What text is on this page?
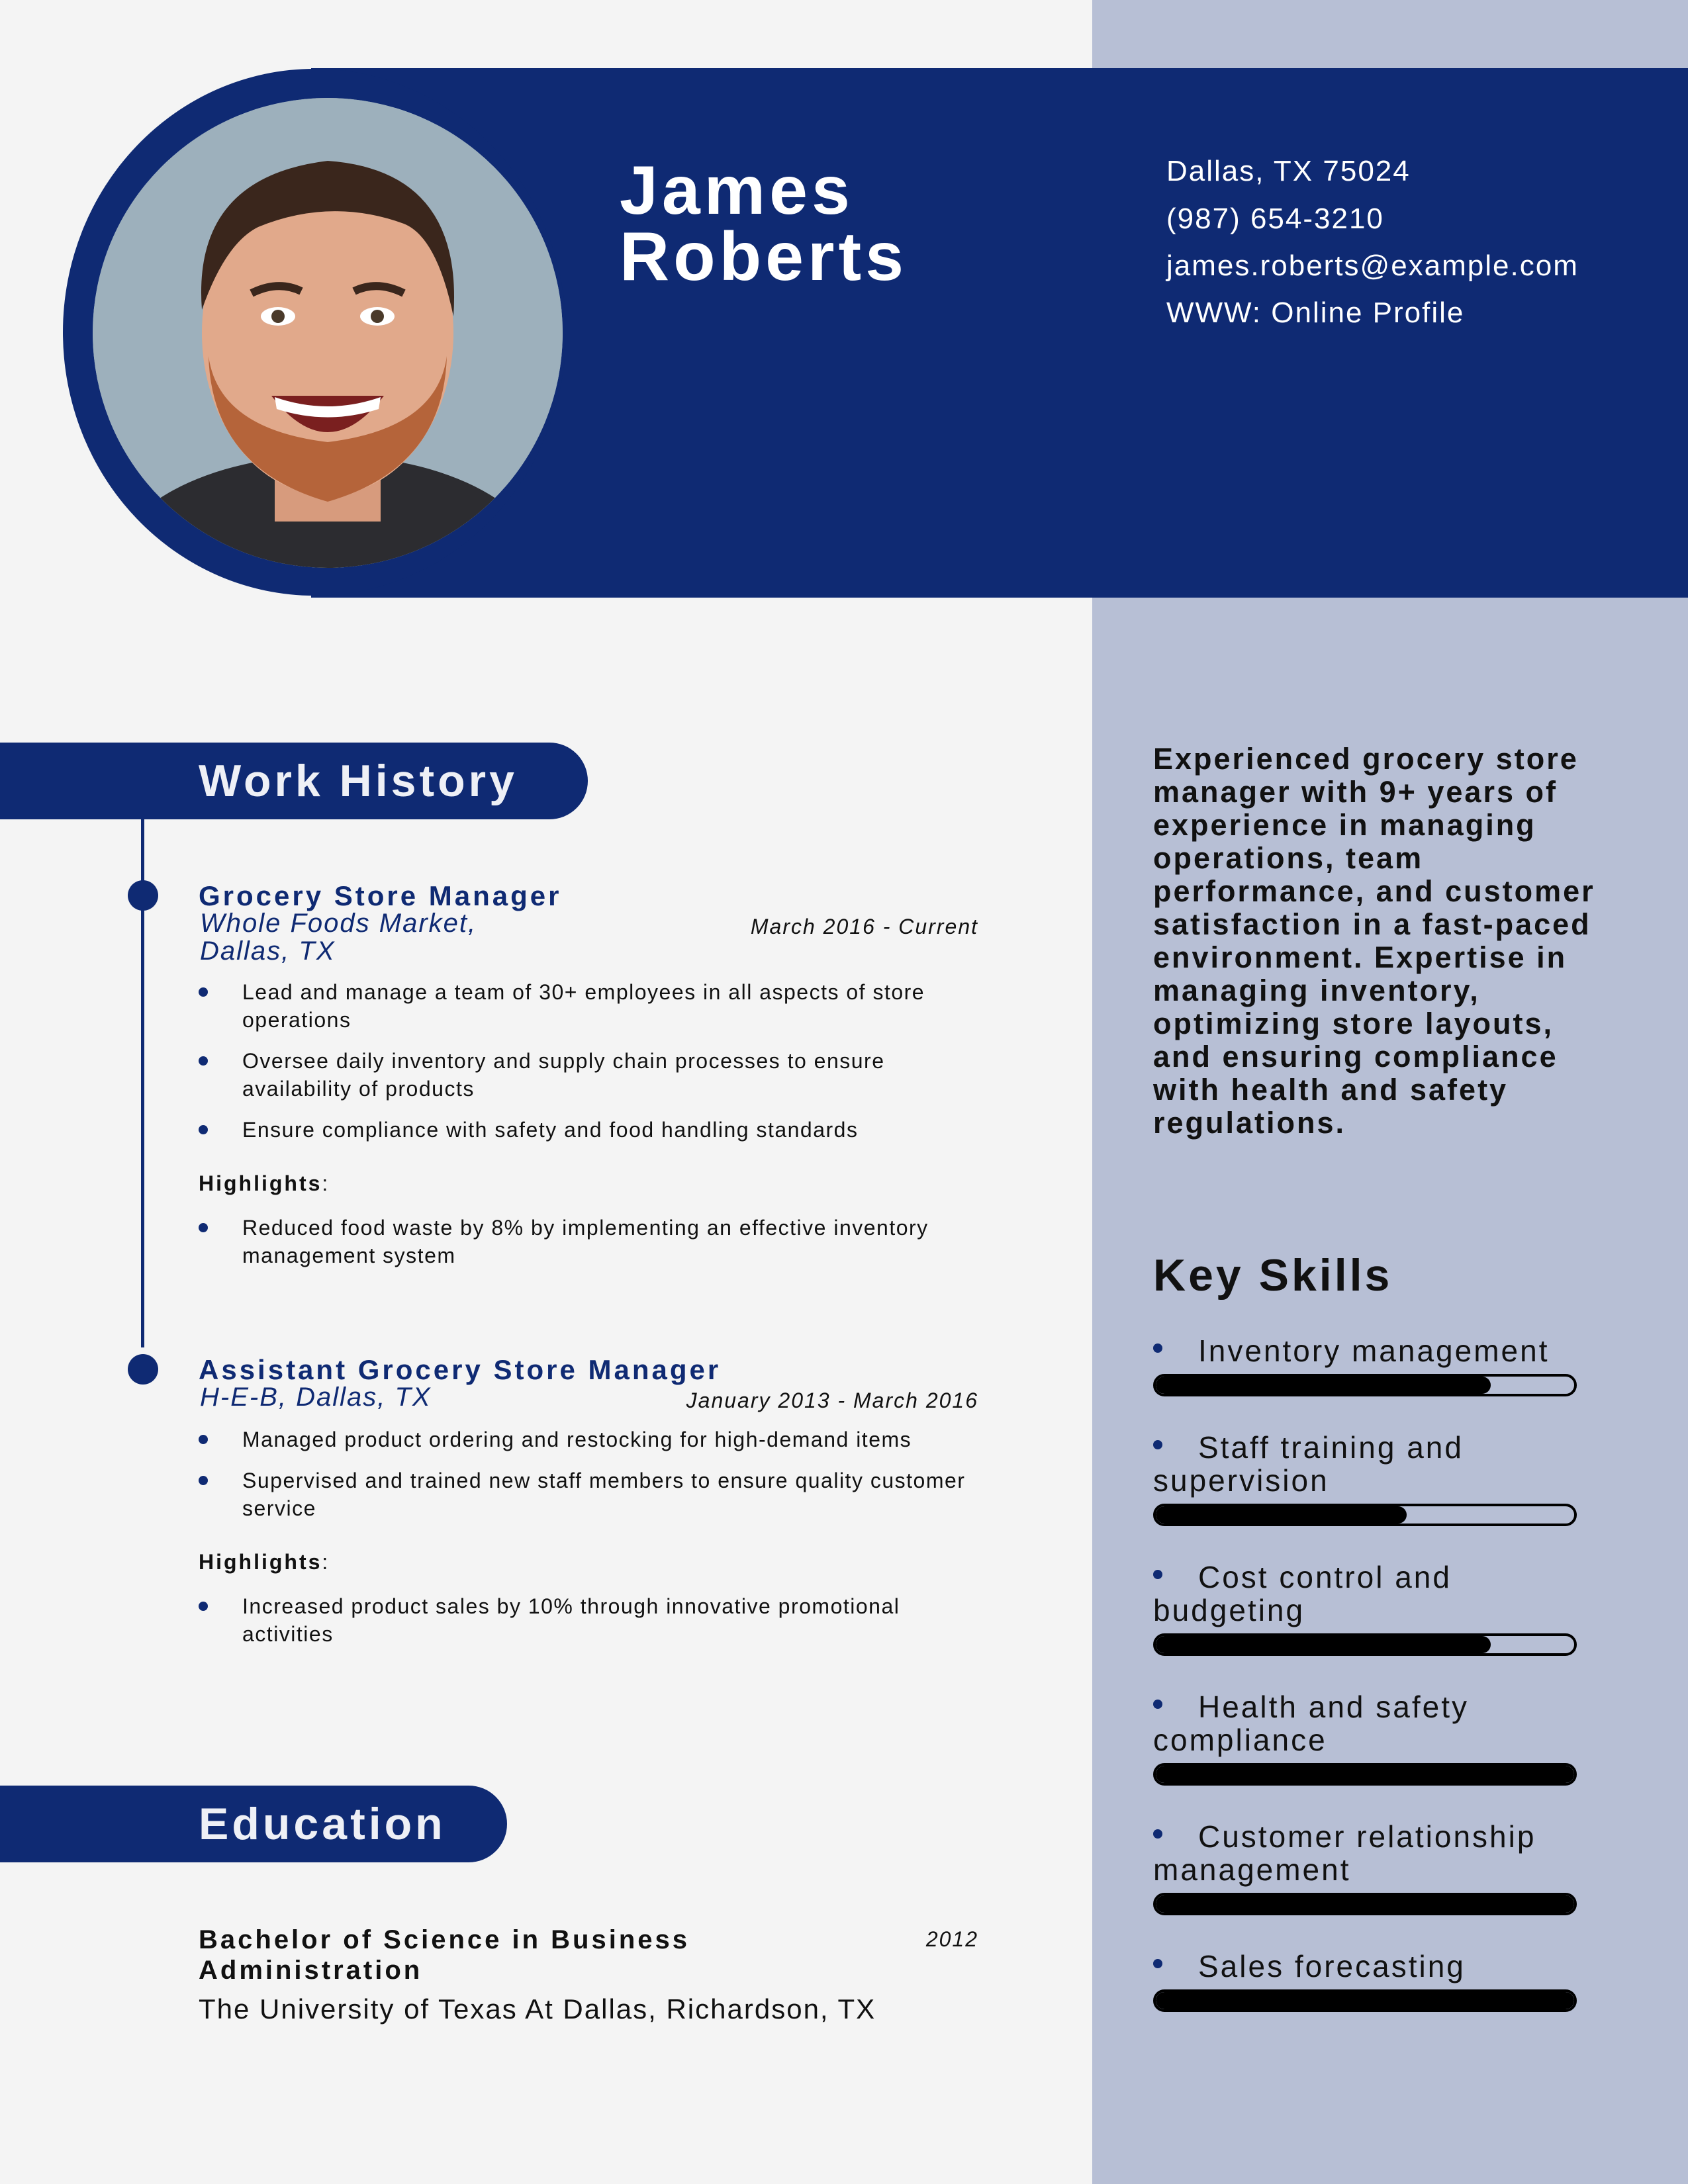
James
Roberts
Dallas, TX 75024
(987) 654-3210
james.roberts@example.com
WWW: Online Profile
Work History
Grocery Store Manager
Whole Foods Market, Dallas, TX
March 2016 - Current
Lead and manage a team of 30+ employees in all aspects of store operations
Oversee daily inventory and supply chain processes to ensure availability of products
Ensure compliance with safety and food handling standards
Highlights:
Reduced food waste by 8% by implementing an effective inventory management system
Assistant Grocery Store Manager
H-E-B, Dallas, TX	January 2013 - March 2016
Managed product ordering and restocking for high-demand items
Supervised and trained new staff members to ensure quality customer service
Highlights:
Increased product sales by 10% through innovative promotional activities
Education
Bachelor of Science in Business Administration
2012
The University of Texas At Dallas, Richardson, TX
Experienced grocery store manager with 9+ years of experience in managing operations, team performance, and customer satisfaction in a fast-paced environment. Expertise in managing inventory, optimizing store layouts, and ensuring compliance with health and safety regulations.
Key Skills
Inventory management
Staff training and supervision
Cost control and budgeting
Health and safety compliance
Customer relationship management
Sales forecasting
